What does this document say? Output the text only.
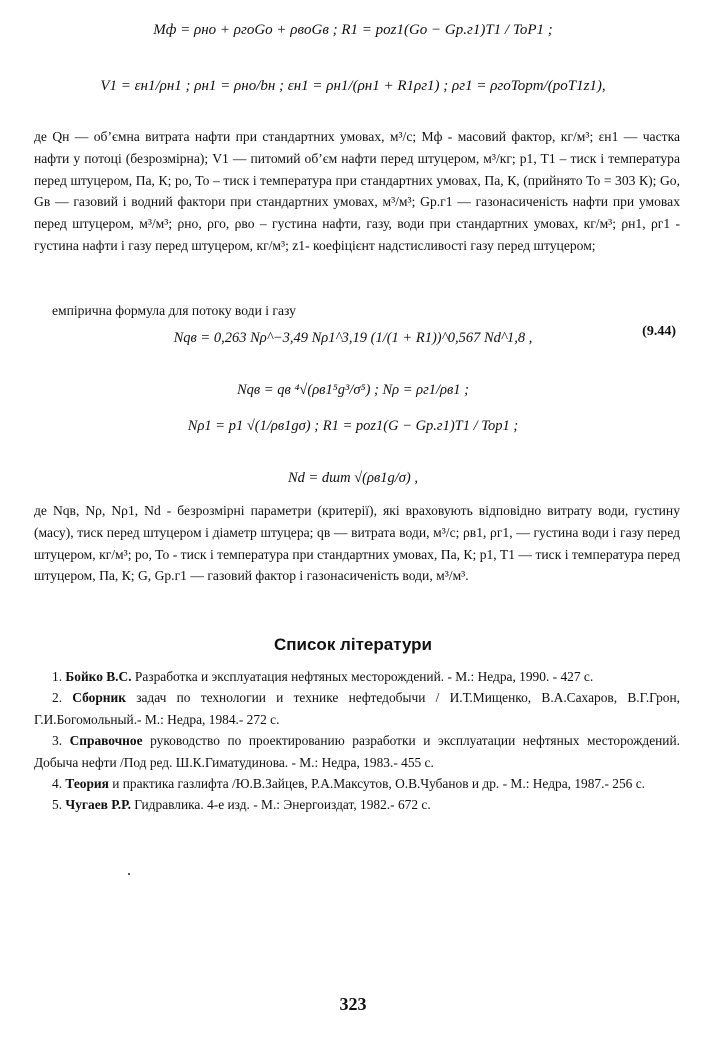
Mф = ρнo + ρгoGo + ρвoGв ; R1 = poz1(Go − Gp.г1)T1 / ToP1 ;
V1 = εн1/ρн1 ; ρн1 = ρнo/bн ; εн1 = ρн1/(ρн1 + R1ρг1) ; ρг1 = ρгoTopт/(poT1z1),
де Qн — об’ємна витрата нафти при стандартних умовах, м³/с; Mф - масовий фактор, кг/м³; εн1 — частка нафти у потоці (безрозмірна); V1 — питомий об’єм нафти перед штуцером, м³/кг; p1, T1 – тиск і температура перед штуцером, Па, К; po, To – тиск і температура при стандартних умовах, Па, К, (прийнято To = 303 К); Go, Gв — газовий і водний фактори при стандартних умовах, м³/м³; Gp.г1 — газонасиченість нафти при умовах перед штуцером, м³/м³; ρно, ρго, ρво – густина нафти, газу, води при стандартних умовах, кг/м³; ρн1, ρг1 - густина нафти і газу перед штуцером, кг/м³; z1- коефіцієнт надстисливості газу перед штуцером;
емпірична формула для потоку води і газу
(9.44)
Nqв = 0,263 Nρ^−3,49 Nρ1^3,19 (1/(1 + R1))^0,567 Nd^1,8 ,
Nqв = qв ⁴√(ρв1⁵g³/σ⁵) ; Nρ = ρг1/ρв1 ;
Nρ1 = p1 √(1/ρв1gσ) ; R1 = poz1(G − Gp.г1)T1 / Top1 ;
Nd = dшт √(ρв1g/σ) ,
де Nqв, Nρ, Nρ1, Nd - безрозмірні параметри (критерії), які враховують відповідно витрату води, густину (масу), тиск перед штуцером і діаметр штуцера; qв — витрата води, м³/с; ρв1, ρг1, — густина води і газу перед штуцером, кг/м³; po, To - тиск і температура при стандартних умовах, Па, К; p1, T1 — тиск і температура перед штуцером, Па, К; G, Gp.г1 — газовий фактор і газонасиченість води, м³/м³.
Список літератури

1. Бойко В.С. Разработка и эксплуатация нефтяных месторождений. - М.: Недра, 1990. - 427 с.

2. Сборник задач по технологии и технике нефтедобычи / И.Т.Мищенко, В.А.Сахаров, В.Г.Грон, Г.И.Богомольный.- М.: Недра, 1984.- 272 с.

3. Справочное руководство по проектированию разработки и эксплуатации нефтяных месторождений. Добыча нефти /Под ред. Ш.К.Гиматудинова. - М.: Недра, 1983.- 455 с.

4. Теория и практика газлифта /Ю.В.Зайцев, Р.А.Максутов, О.В.Чубанов и др. - М.: Недра, 1987.- 256 с.

5. Чугаев Р.Р. Гидравлика. 4-е изд. - М.: Энергоиздат, 1982.- 672 с.

323
